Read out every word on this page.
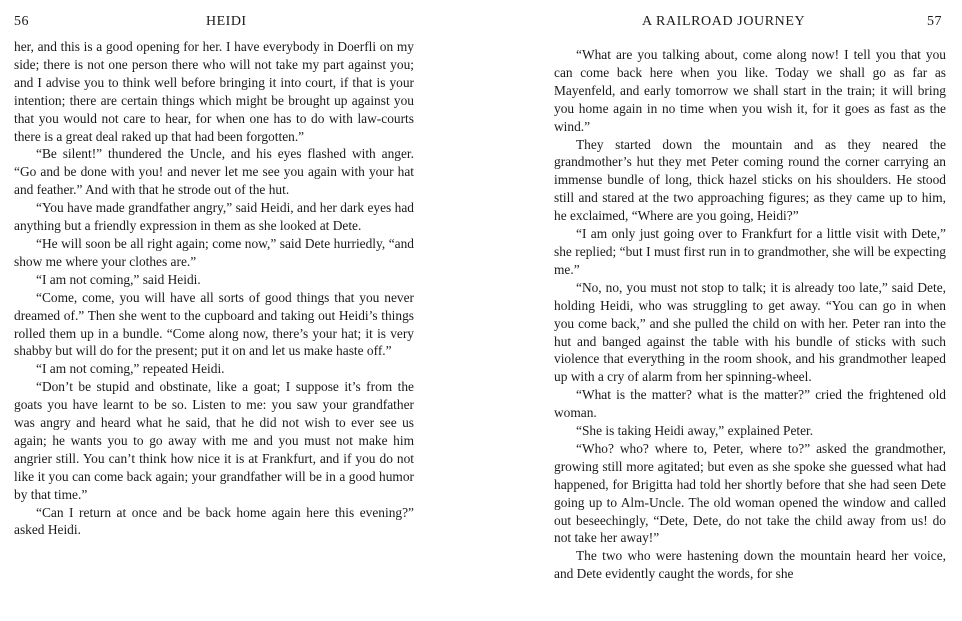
56	HEIDI

her, and this is a good opening for her. I have everybody in Doerfli on my side; there is not one person there who will not take my part against you; and I advise you to think well before bringing it into court, if that is your intention; there are certain things which might be brought up against you that you would not care to hear, for when one has to do with law-courts there is a great deal raked up that had been forgotten.”

“Be silent!” thundered the Uncle, and his eyes flashed with anger. “Go and be done with you! and never let me see you again with your hat and feather.” And with that he strode out of the hut.

“You have made grandfather angry,” said Heidi, and her dark eyes had anything but a friendly expression in them as she looked at Dete.

“He will soon be all right again; come now,” said Dete hurriedly, “and show me where your clothes are.”

“I am not coming,” said Heidi.

“Come, come, you will have all sorts of good things that you never dreamed of.” Then she went to the cupboard and taking out Heidi’s things rolled them up in a bundle. “Come along now, there’s your hat; it is very shabby but will do for the present; put it on and let us make haste off.”

“I am not coming,” repeated Heidi.

“Don’t be stupid and obstinate, like a goat; I suppose it’s from the goats you have learnt to be so. Listen to me: you saw your grandfather was angry and heard what he said, that he did not wish to ever see us again; he wants you to go away with me and you must not make him angrier still. You can’t think how nice it is at Frankfurt, and if you do not like it you can come back again; your grandfather will be in a good humor by that time.”

“Can I return at once and be back home again here this evening?” asked Heidi.

A RAILROAD JOURNEY	57

“What are you talking about, come along now! I tell you that you can come back here when you like. Today we shall go as far as Mayenfeld, and early tomorrow we shall start in the train; it will bring you home again in no time when you wish it, for it goes as fast as the wind.”

They started down the mountain and as they neared the grandmother’s hut they met Peter coming round the corner carrying an immense bundle of long, thick hazel sticks on his shoulders. He stood still and stared at the two approaching figures; as they came up to him, he exclaimed, “Where are you going, Heidi?”

“I am only just going over to Frankfurt for a little visit with Dete,” she replied; “but I must first run in to grandmother, she will be expecting me.”

“No, no, you must not stop to talk; it is already too late,” said Dete, holding Heidi, who was struggling to get away. “You can go in when you come back,” and she pulled the child on with her. Peter ran into the hut and banged against the table with his bundle of sticks with such violence that everything in the room shook, and his grandmother leaped up with a cry of alarm from her spinning-wheel.

“What is the matter? what is the matter?” cried the frightened old woman.

“She is taking Heidi away,” explained Peter.

“Who? who? where to, Peter, where to?” asked the grandmother, growing still more agitated; but even as she spoke she guessed what had happened, for Brigitta had told her shortly before that she had seen Dete going up to Alm-Uncle. The old woman opened the window and called out beseechingly, “Dete, Dete, do not take the child away from us! do not take her away!”

The two who were hastening down the mountain heard her voice, and Dete evidently caught the words, for she
